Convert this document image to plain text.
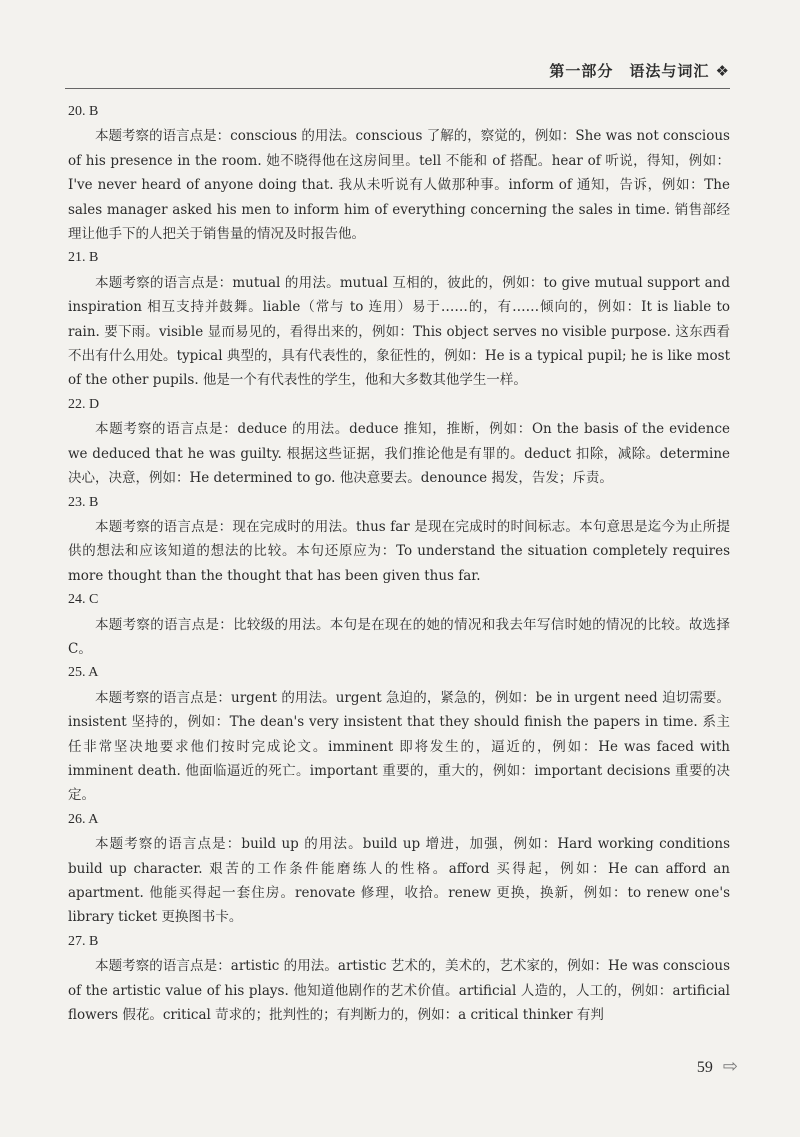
第一部分　语法与词汇 ❖
20. B

本题考察的语言点是：conscious 的用法。conscious 了解的，察觉的，例如：She was not conscious of his presence in the room. 她不晓得他在这房间里。tell 不能和 of 搭配。hear of 听说，得知，例如：I've never heard of anyone doing that. 我从未听说有人做那种事。inform of 通知，告诉，例如：The sales manager asked his men to inform him of everything concerning the sales in time. 销售部经理让他手下的人把关于销售量的情况及时报告他。

21. B

本题考察的语言点是：mutual 的用法。mutual 互相的，彼此的，例如：to give mutual support and inspiration 相互支持并鼓舞。liable（常与 to 连用）易于……的，有……倾向的，例如：It is liable to rain. 要下雨。visible 显而易见的，看得出来的，例如：This object serves no visible purpose. 这东西看不出有什么用处。typical 典型的，具有代表性的，象征性的，例如：He is a typical pupil; he is like most of the other pupils. 他是一个有代表性的学生，他和大多数其他学生一样。

22. D

本题考察的语言点是：deduce 的用法。deduce 推知，推断，例如：On the basis of the evidence we deduced that he was guilty. 根据这些证据，我们推论他是有罪的。deduct 扣除，减除。determine 决心，决意，例如：He determined to go. 他决意要去。denounce 揭发，告发；斥责。

23. B

本题考察的语言点是：现在完成时的用法。thus far 是现在完成时的时间标志。本句意思是迄今为止所提供的想法和应该知道的想法的比较。本句还原应为：To understand the situation completely requires more thought than the thought that has been given thus far.

24. C

本题考察的语言点是：比较级的用法。本句是在现在的她的情况和我去年写信时她的情况的比较。故选择 C。

25. A

本题考察的语言点是：urgent 的用法。urgent 急迫的，紧急的，例如：be in urgent need 迫切需要。insistent 坚持的，例如：The dean's very insistent that they should finish the papers in time. 系主任非常坚决地要求他们按时完成论文。imminent 即将发生的，逼近的，例如：He was faced with imminent death. 他面临逼近的死亡。important 重要的，重大的，例如：important decisions 重要的决定。

26. A

本题考察的语言点是：build up 的用法。build up 增进，加强，例如：Hard working conditions build up character. 艰苦的工作条件能磨练人的性格。afford 买得起，例如：He can afford an apartment. 他能买得起一套住房。renovate 修理，收拾。renew 更换，换新，例如：to renew one's library ticket 更换图书卡。

27. B

本题考察的语言点是：artistic 的用法。artistic 艺术的，美术的，艺术家的，例如：He was conscious of the artistic value of his plays. 他知道他剧作的艺术价值。artificial 人造的，人工的，例如：artificial flowers 假花。critical 苛求的；批判性的；有判断力的，例如：a critical thinker 有判

59 ⇨
